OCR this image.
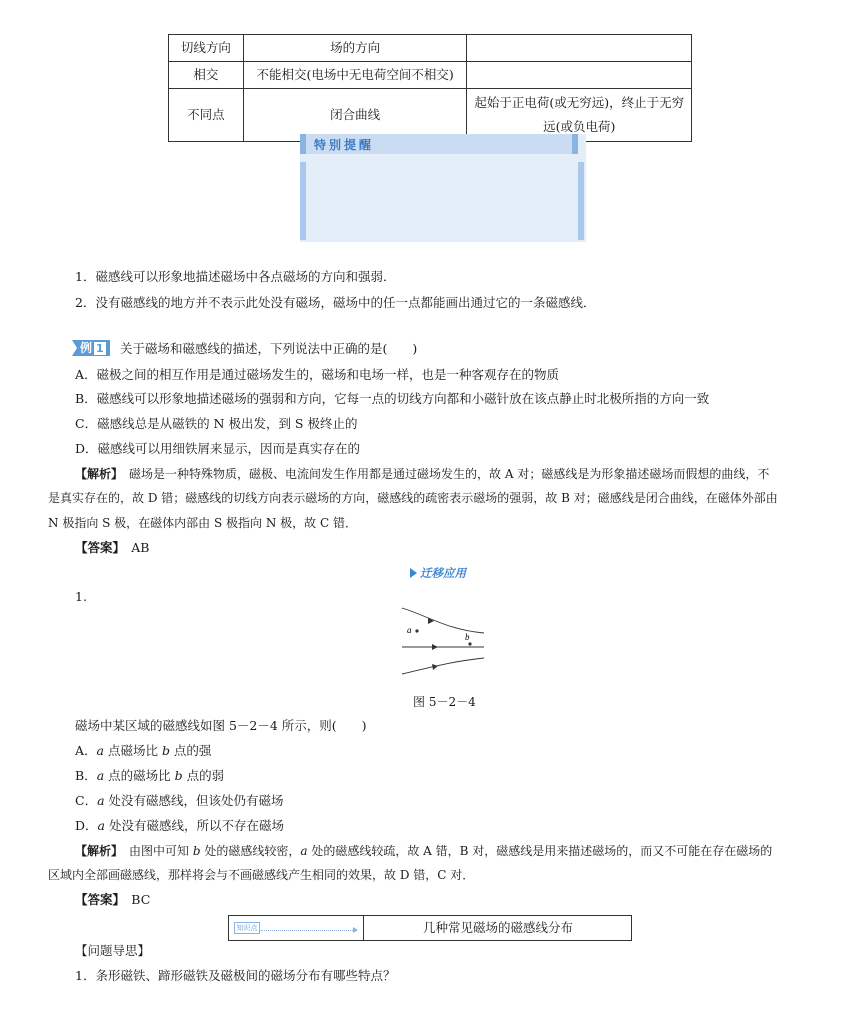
切线方向	场的方向	
相交	不能相交(电场中无电荷空间不相交)	
不同点	闭合曲线	起始于正电荷(或无穷远)，终止于无穷远(或负电荷)
特别提醒
1．磁感线可以形象地描述磁场中各点磁场的方向和强弱．
2．没有磁感线的地方并不表示此处没有磁场，磁场中的任一点都能画出通过它的一条磁感线．
例 1	关于磁场和磁感线的描述，下列说法中正确的是(　　)
A．磁极之间的相互作用是通过磁场发生的，磁场和电场一样，也是一种客观存在的物质
B．磁感线可以形象地描述磁场的强弱和方向，它每一点的切线方向都和小磁针放在该点静止时北极所指的方向一致
C．磁感线总是从磁铁的 N 极出发，到 S 极终止的
D．磁感线可以用细铁屑来显示，因而是真实存在的
【解析】　 磁场是一种特殊物质，磁极、电流间发生作用都是通过磁场发生的，故 A 对；磁感线是为形象描述磁场而假想的曲线，不
是真实存在的，故 D 错；磁感线的切线方向表示磁场的方向，磁感线的疏密表示磁场的强弱，故 B 对；磁感线是闭合曲线，在磁体外部由
N 极指向 S 极，在磁体内部由 S 极指向 N 极，故 C 错．
【答案】　 AB
迁移应用
1.
a
b
图 5－2－4
磁场中某区域的磁感线如图 5－2－4 所示，则(　　)
A．a 点磁场比 b 点的强
B．a 点的磁场比 b 点的弱
C．a 处没有磁感线，但该处仍有磁场
D．a 处没有磁感线，所以不存在磁场
【解析】　 由图中可知 b 处的磁感线较密，a 处的磁感线较疏，故 A 错，B 对，磁感线是用来描述磁场的，而又不可能在存在磁场的
区域内全部画磁感线，那样将会与不画磁感线产生相同的效果，故 D 错，C 对．
【答案】　 BC
知识点	几种常见磁场的磁感线分布
【问题导思】
1．条形磁铁、蹄形磁铁及磁极间的磁场分布有哪些特点？
